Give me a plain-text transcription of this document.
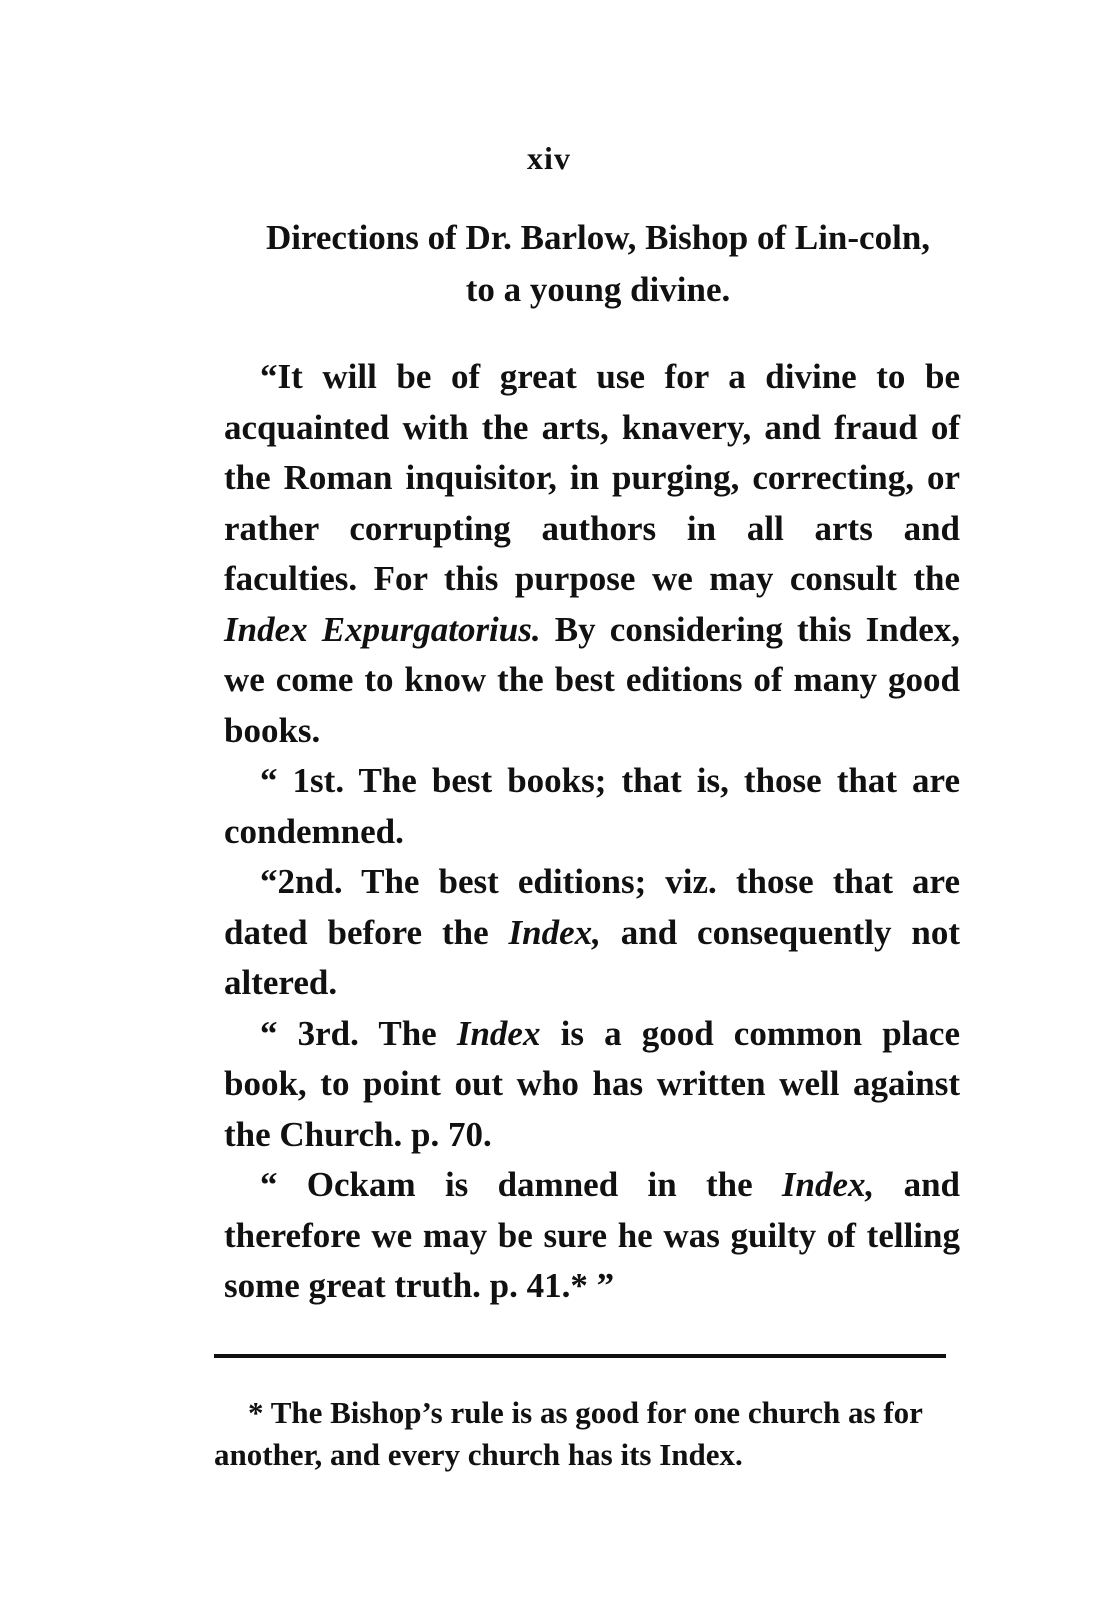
xiv
Directions of Dr. Barlow, Bishop of Lin-coln, to a young divine.

“It will be of great use for a divine to be acquainted with the arts, knavery, and fraud of the Roman inquisitor, in purging, correcting, or rather corrupting authors in all arts and faculties. For this purpose we may consult the Index Expurgatorius. By considering this Index, we come to know the best editions of many good books.

“ 1st. The best books; that is, those that are condemned.

“2nd. The best editions; viz. those that are dated before the Index, and consequently not altered.

“ 3rd. The Index is a good common place book, to point out who has written well against the Church. p. 70.

“ Ockam is damned in the Index, and therefore we may be sure he was guilty of telling some great truth. p. 41.* ”

* The Bishop’s rule is as good for one church as for another, and every church has its Index.
